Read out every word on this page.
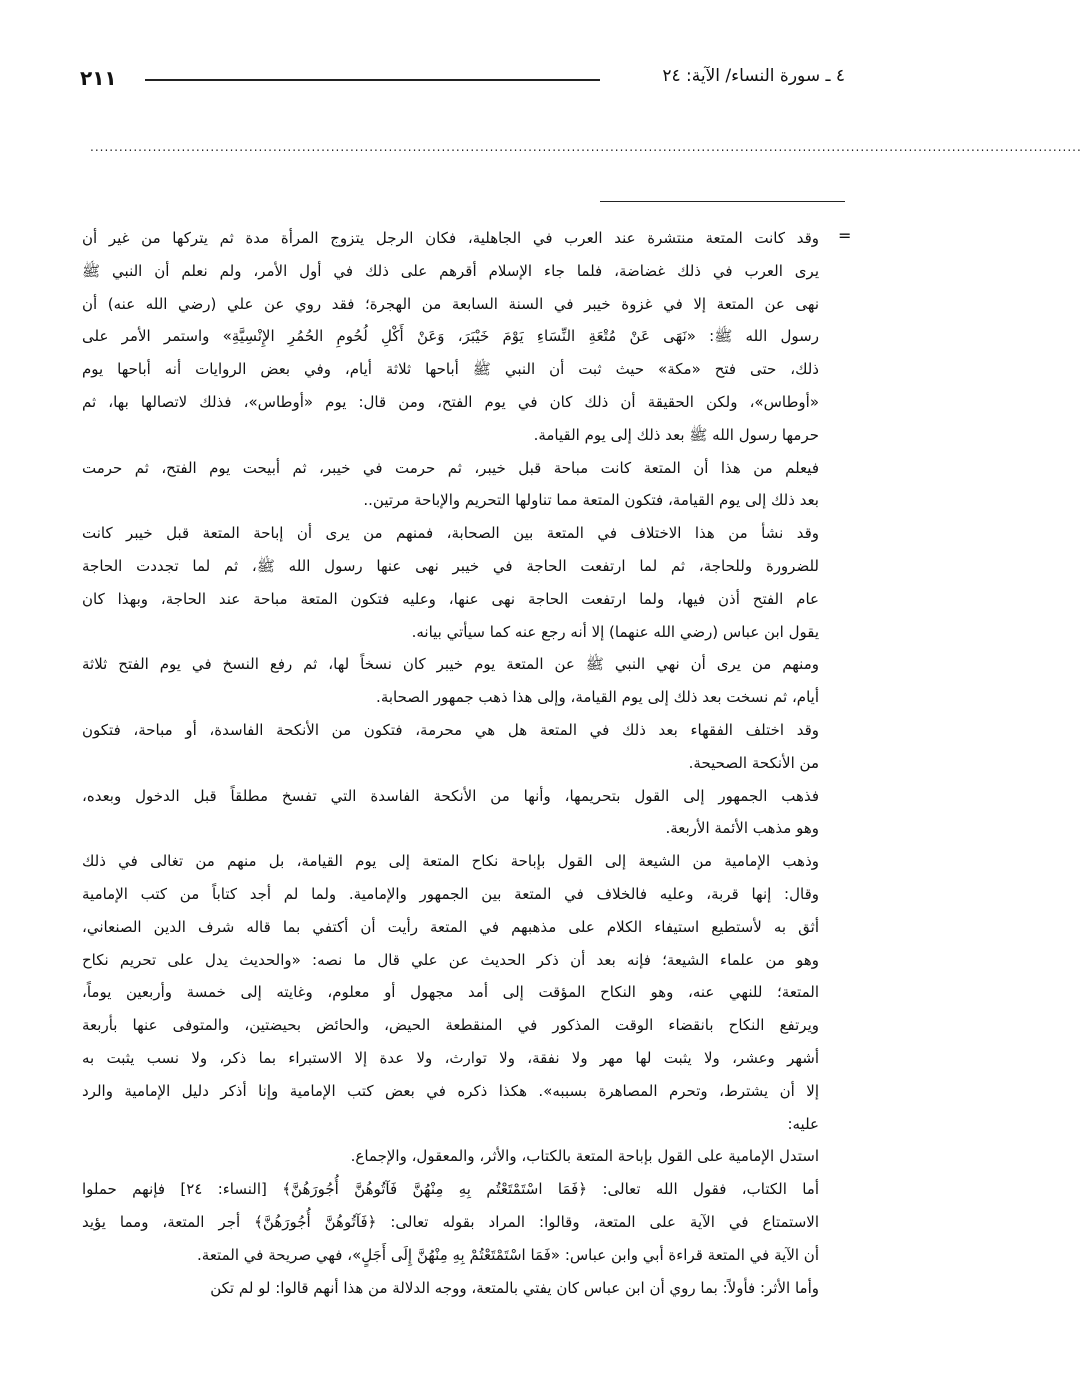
٢١١	٤ ـ سورة النساء/ الآية: ٢٤
..............................................................................................................................................................................................................
=
وقد كانت المتعة منتشرة عند العرب في الجاهلية، فكان الرجل يتزوج المرأة مدة ثم يتركها من غير أن
يرى العرب في ذلك غضاضة، فلما جاء الإسلام أقرهم على ذلك في أول الأمر، ولم نعلم أن النبي ﷺ
نهى عن المتعة إلا في غزوة خيبر في السنة السابعة من الهجرة؛ فقد روي عن علي (رضي الله عنه) أن
رسول الله ﷺ: «نَهَى عَنْ مُتْعَةِ النِّسَاءِ يَوْمَ خَيْبَرَ، وَعَنْ أَكْلِ لُحُومِ الحُمُرِ الإِنْسِيَّةِ» واستمر الأمر على
ذلك، حتى فتح «مكة» حيث ثبت أن النبي ﷺ أباحها ثلاثة أيام، وفي بعض الروايات أنه أباحها يوم
«أوطاس»، ولكن الحقيقة أن ذلك كان في يوم الفتح، ومن قال: يوم «أوطاس»، فذلك لاتصالها بها، ثم
حرمها رسول الله ﷺ بعد ذلك إلى يوم القيامة.
فيعلم من هذا أن المتعة كانت مباحة قبل خيبر، ثم حرمت في خيبر، ثم أبيحت يوم الفتح، ثم حرمت
بعد ذلك إلى يوم القيامة، فتكون المتعة مما تناولها التحريم والإباحة مرتين..
وقد نشأ من هذا الاختلاف في المتعة بين الصحابة، فمنهم من يرى أن إباحة المتعة قبل خيبر كانت
للضرورة وللحاجة، ثم لما ارتفعت الحاجة في خيبر نهى عنها رسول الله ﷺ، ثم لما تجددت الحاجة
عام الفتح أذن فيها، ولما ارتفعت الحاجة نهى عنها، وعليه فتكون المتعة مباحة عند الحاجة، وبهذا كان
يقول ابن عباس (رضي الله عنهما) إلا أنه رجع عنه كما سيأتي بيانه.
ومنهم من يرى أن نهي النبي ﷺ عن المتعة يوم خيبر كان نسخاً لها، ثم رفع النسخ في يوم الفتح ثلاثة
أيام، ثم نسخت بعد ذلك إلى يوم القيامة، وإلى هذا ذهب جمهور الصحابة.
وقد اختلف الفقهاء بعد ذلك في المتعة هل هي محرمة، فتكون من الأنكحة الفاسدة، أو مباحة، فتكون
من الأنكحة الصحيحة.
فذهب الجمهور إلى القول بتحريمها، وأنها من الأنكحة الفاسدة التي تفسخ مطلقاً قبل الدخول وبعده،
وهو مذهب الأئمة الأربعة.
وذهب الإمامية من الشيعة إلى القول بإباحة نكاح المتعة إلى يوم القيامة، بل منهم من تغالى في ذلك
وقال: إنها قربة، وعليه فالخلاف في المتعة بين الجمهور والإمامية. ولما لم أجد كتاباً من كتب الإمامية
أثق به لأستطيع استيفاء الكلام على مذهبهم في المتعة رأيت أن أكتفي بما قاله شرف الدين الصنعاني،
وهو من علماء الشيعة؛ فإنه بعد أن ذكر الحديث عن علي قال ما نصه: «والحديث يدل على تحريم نكاح
المتعة؛ للنهي عنه، وهو النكاح المؤقت إلى أمد مجهول أو معلوم، وغايته إلى خمسة وأربعين يوماً،
ويرتفع النكاح بانقضاء الوقت المذكور في المنقطعة الحيض، والحائض بحيضتين، والمتوفى عنها بأربعة
أشهر وعشر، ولا يثبت لها مهر ولا نفقة، ولا توارث، ولا عدة إلا الاستبراء بما ذكر، ولا نسب يثبت به
إلا أن يشترط، وتحرم المصاهرة بسببه». هكذا ذكره في بعض كتب الإمامية وإنا أذكر دليل الإمامية والرد
عليه:
استدل الإمامية على القول بإباحة المتعة بالكتاب، والأثر، والمعقول، والإجماع.
أما الكتاب، فقول الله تعالى: ﴿فَمَا اسْتَمْتَعْتُم بِهِ مِنْهُنَّ فَآتُوهُنَّ أُجُورَهُنَّ﴾ [النساء: ٢٤] فإنهم حملوا
الاستمتاع في الآية على المتعة، وقالوا: المراد بقوله تعالى: ﴿فَآتُوهُنَّ أُجُورَهُنَّ﴾ أجر المتعة، ومما يؤيد
أن الآية في المتعة قراءة أبي وابن عباس: «فَمَا اسْتَمْتَعْتُمْ بِهِ مِنْهُنَّ إِلَى أَجَلٍ»، فهي صريحة في المتعة.
وأما الأثر: فأولاً: بما روي أن ابن عباس كان يفتي بالمتعة، ووجه الدلالة من هذا أنهم قالوا: لو لم تكن
